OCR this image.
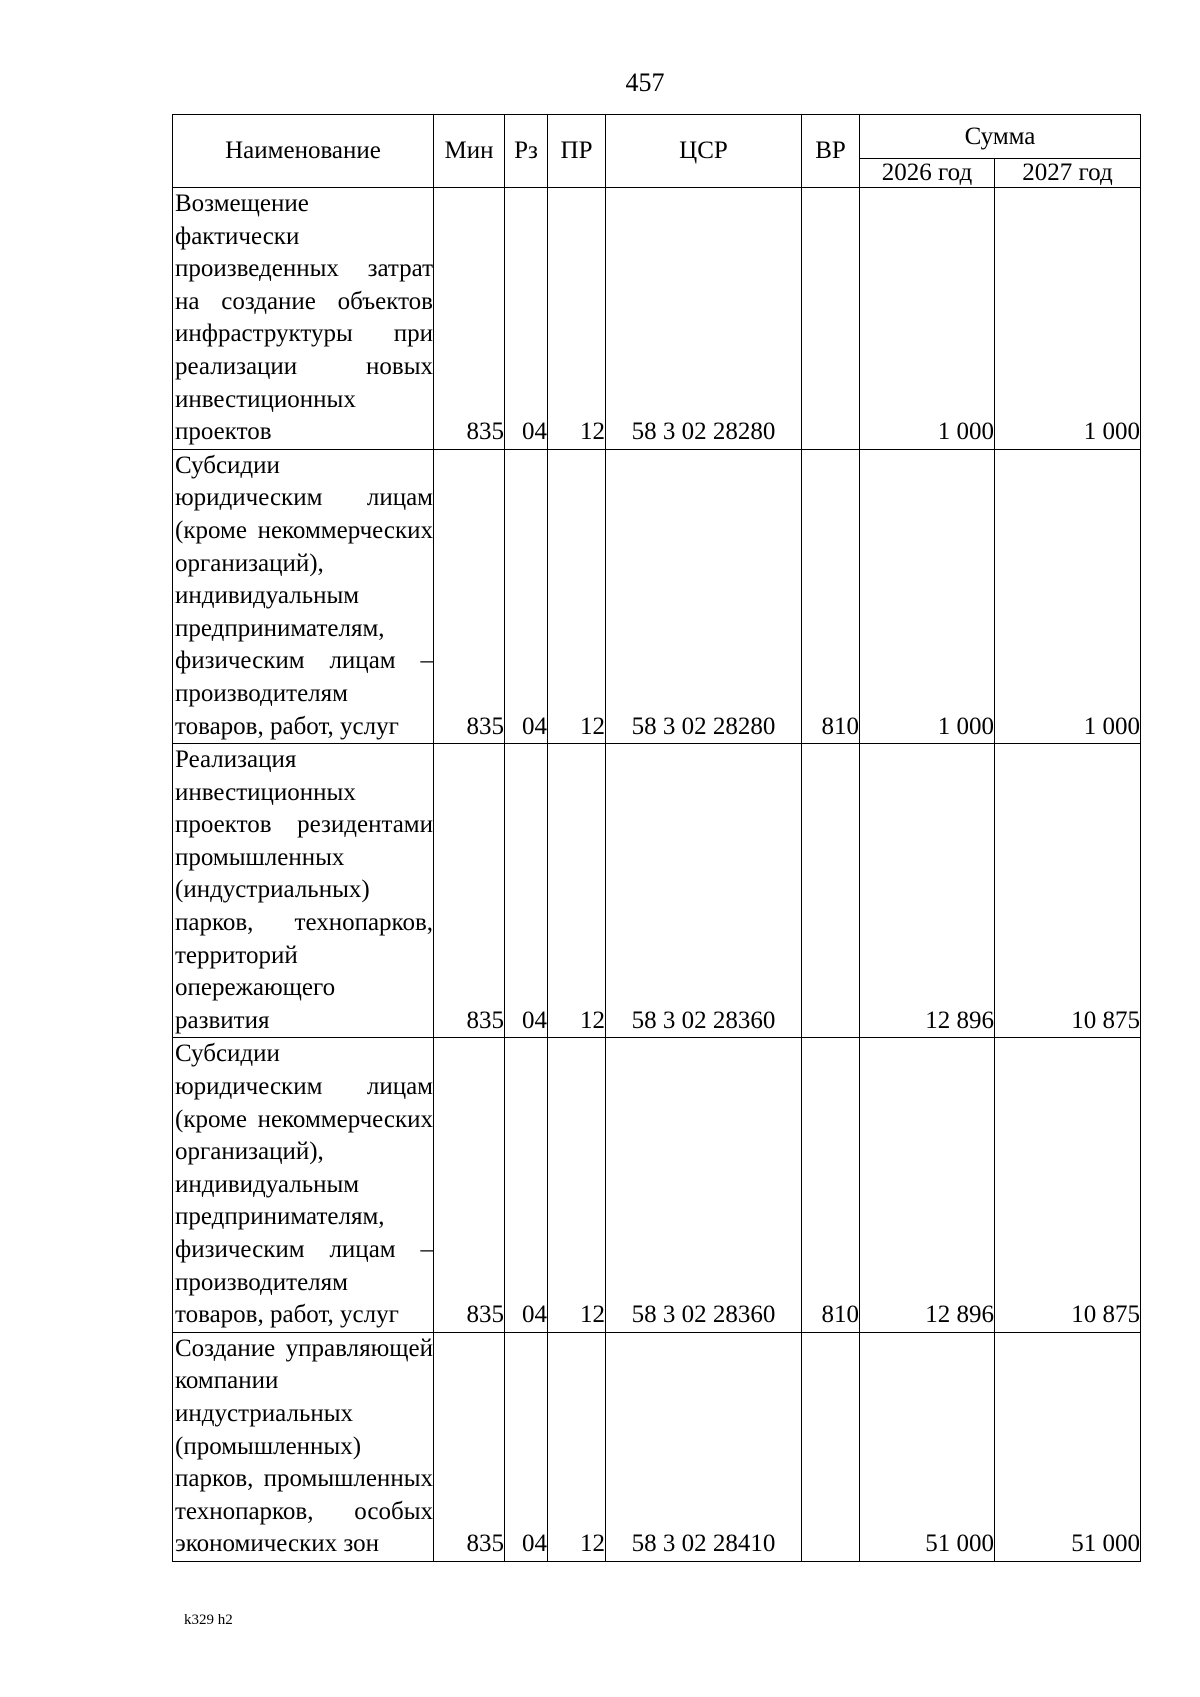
457
Наименование	Мин	Рз	ПР	ЦСР	ВР	Сумма	
						2026 год	2027 год
Возмещение фактически произведенных затрат на создание объектов инфраструктуры при реализации новых инвестиционных проектов	835	04	12	58 3 02 28280		1 000	1 000
Субсидии юридическим лицам (кроме некоммерческих организаций), индивидуальным предпринимателям, физическим лицам – производителям товаров, работ, услуг	835	04	12	58 3 02 28280	810	1 000	1 000
Реализация инвестиционных проектов резидентами промышленных (индустриальных) парков, технопарков, территорий опережающего развития	835	04	12	58 3 02 28360		12 896	10 875
Субсидии юридическим лицам (кроме некоммерческих организаций), индивидуальным предпринимателям, физическим лицам – производителям товаров, работ, услуг	835	04	12	58 3 02 28360	810	12 896	10 875
Создание управляющей компании индустриальных (промышленных) парков, промышленных технопарков, особых экономических зон	835	04	12	58 3 02 28410		51 000	51 000
k329 h2
